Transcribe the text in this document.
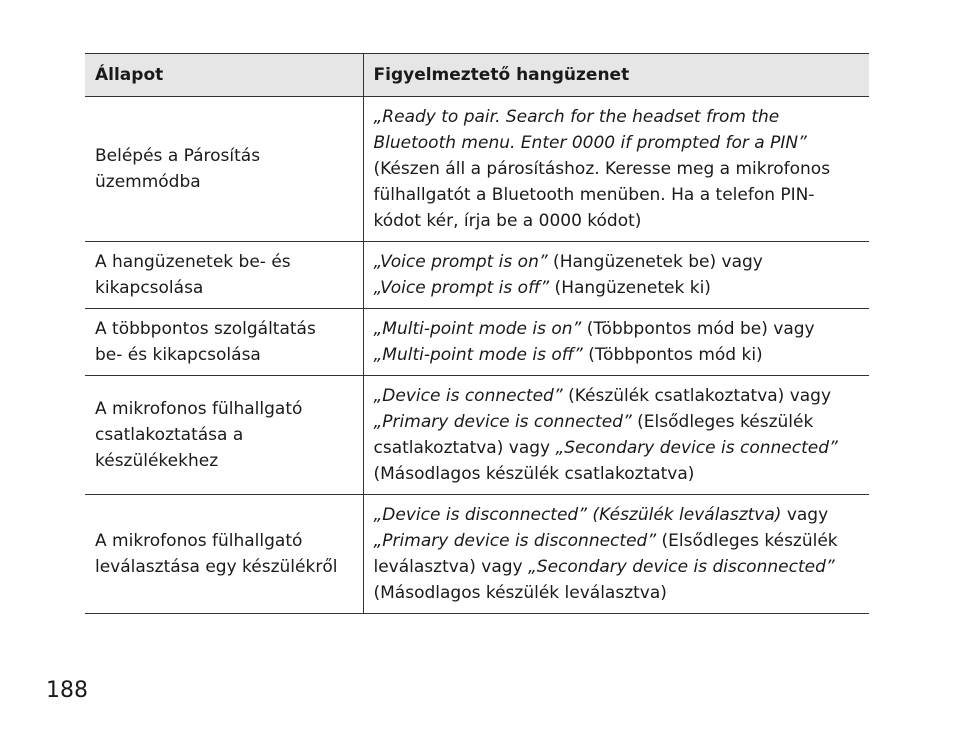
Állapot	Figyelmeztető hangüzenet

Belépés a Párosítás
üzemmódba	„Ready to pair. Search for the headset from the
Bluetooth menu. Enter 0000 if prompted for a PIN”
(Készen áll a párosításhoz. Keresse meg a mikrofonos
fülhallgatót a Bluetooth menüben. Ha a telefon PIN-
kódot kér, írja be a 0000 kódot)

A hangüzenetek be- és
kikapcsolása	„Voice prompt is on” (Hangüzenetek be) vagy
„Voice prompt is off” (Hangüzenetek ki)

A többpontos szolgáltatás
be- és kikapcsolása	„Multi-point mode is on” (Többpontos mód be) vagy
„Multi-point mode is off” (Többpontos mód ki)

A mikrofonos fülhallgató
csatlakoztatása a
készülékekhez	„Device is connected” (Készülék csatlakoztatva) vagy
„Primary device is connected” (Elsődleges készülék
csatlakoztatva) vagy „Secondary device is connected”
(Másodlagos készülék csatlakoztatva)

A mikrofonos fülhallgató
leválasztása egy készülékről	„Device is disconnected” (Készülék leválasztva) vagy
„Primary device is disconnected” (Elsődleges készülék
leválasztva) vagy „Secondary device is disconnected”
(Másodlagos készülék leválasztva)
188
